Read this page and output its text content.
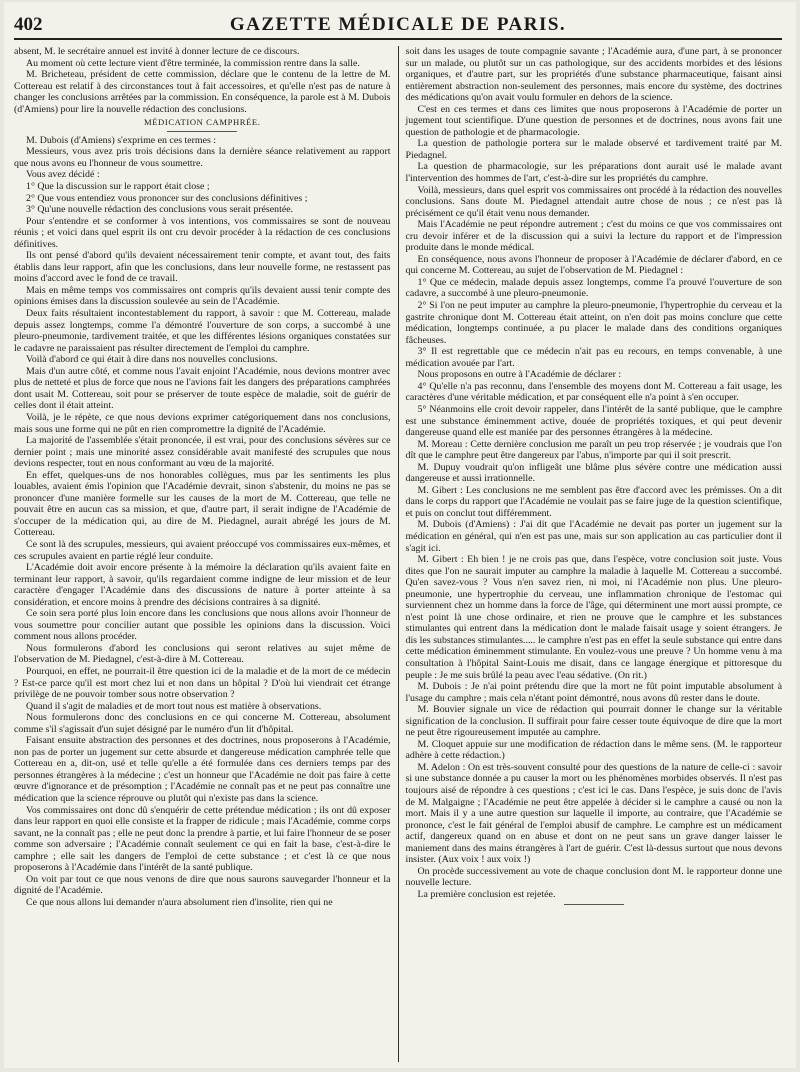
402	GAZETTE MÉDICALE DE PARIS.

absent, M. le secrétaire annuel est invité à donner lecture de ce discours.

Au moment où cette lecture vient d'être terminée, la commission rentre dans la salle.

M. Bricheteau, président de cette commission, déclare que le contenu de la lettre de M. Cottereau est relatif à des circonstances tout à fait accessoires, et qu'elle n'est pas de nature à changer les conclusions arrêtées par la commission. En conséquence, la parole est à M. Dubois (d'Amiens) pour lire la nouvelle rédaction des conclusions.

MÉDICATION CAMPHRÉE.

M. Dubois (d'Amiens) s'exprime en ces termes :

Messieurs, vous avez pris trois décisions dans la dernière séance relativement au rapport que nous avons eu l'honneur de vous soumettre.

Vous avez décidé :

1° Que la discussion sur le rapport était close ;

2° Que vous entendiez vous prononcer sur des conclusions définitives ;

3° Qu'une nouvelle rédaction des conclusions vous serait présentée.

Pour s'entendre et se conformer à vos intentions, vos commissaires se sont de nouveau réunis ; et voici dans quel esprit ils ont cru devoir procéder à la rédaction de ces conclusions définitives.

Ils ont pensé d'abord qu'ils devaient nécessairement tenir compte, et avant tout, des faits établis dans leur rapport, afin que les conclusions, dans leur nouvelle forme, ne restassent pas moins d'accord avec le fond de ce travail.

Mais en même temps vos commissaires ont compris qu'ils devaient aussi tenir compte des opinions émises dans la discussion soulevée au sein de l'Académie.

Deux faits résultaient incontestablement du rapport, à savoir : que M. Cottereau, malade depuis assez longtemps, comme l'a démontré l'ouverture de son corps, a succombé à une pleuro-pneumonie, tardivement traitée, et que les différentes lésions organiques constatées sur le cadavre ne paraissaient pas résulter directement de l'emploi du camphre.

Voilà d'abord ce qui était à dire dans nos nouvelles conclusions.

Mais d'un autre côté, et comme nous l'avait enjoint l'Académie, nous devions montrer avec plus de netteté et plus de force que nous ne l'avions fait les dangers des préparations camphrées dont usait M. Cottereau, soit pour se préserver de toute espèce de maladie, soit de guérir de celles dont il était atteint.

Voilà, je le répète, ce que nous devions exprimer catégoriquement dans nos conclusions, mais sous une forme qui ne pût en rien compromettre la dignité de l'Académie.

La majorité de l'assemblée s'était prononcée, il est vrai, pour des conclusions sévères sur ce dernier point ; mais une minorité assez considérable avait manifesté des scrupules que nous devions respecter, tout en nous conformant au vœu de la majorité.

En effet, quelques-uns de nos honorables collègues, mus par les sentiments les plus louables, avaient émis l'opinion que l'Académie devrait, sinon s'abstenir, du moins ne pas se prononcer d'une manière formelle sur les causes de la mort de M. Cottereau, que telle ne pouvait être en aucun cas sa mission, et que, d'autre part, il serait indigne de l'Académie de s'occuper de la médication qui, au dire de M. Piedagnel, aurait abrégé les jours de M. Cottereau.

Ce sont là des scrupules, messieurs, qui avaient préoccupé vos commissaires eux-mêmes, et ces scrupules avaient en partie réglé leur conduite.

L'Académie doit avoir encore présente à la mémoire la déclaration qu'ils avaient faite en terminant leur rapport, à savoir, qu'ils regardaient comme indigne de leur mission et de leur caractère d'engager l'Académie dans des discussions de nature à porter atteinte à sa considération, et encore moins à prendre des décisions contraires à sa dignité.

Ce soin sera porté plus loin encore dans les conclusions que nous allons avoir l'honneur de vous soumettre pour concilier autant que possible les opinions dans la discussion. Voici comment nous allons procéder.

Nous formulerons d'abord les conclusions qui seront relatives au sujet même de l'observation de M. Piedagnel, c'est-à-dire à M. Cottereau.

Pourquoi, en effet, ne pourrait-il être question ici de la maladie et de la mort de ce médecin ? Est-ce parce qu'il est mort chez lui et non dans un hôpital ? D'où lui viendrait cet étrange privilège de ne pouvoir tomber sous notre observation ?

Quand il s'agit de maladies et de mort tout nous est matière à observations.

Nous formulerons donc des conclusions en ce qui concerne M. Cottereau, absolument comme s'il s'agissait d'un sujet désigné par le numéro d'un lit d'hôpital.

Faisant ensuite abstraction des personnes et des doctrines, nous proposerons à l'Académie, non pas de porter un jugement sur cette absurde et dangereuse médication camphrée telle que Cottereau en a, dit-on, usé et telle qu'elle a été formulée dans ces derniers temps par des personnes étrangères à la médecine ; c'est un honneur que l'Académie ne doit pas faire à cette œuvre d'ignorance et de présomption ; l'Académie ne connaît pas et ne peut pas connaître une médication que la science réprouve ou plutôt qui n'existe pas dans la science.

Vos commissaires ont donc dû s'enquérir de cette prétendue médication ; ils ont dû exposer dans leur rapport en quoi elle consiste et la frapper de ridicule ; mais l'Académie, comme corps savant, ne la connaît pas ; elle ne peut donc la prendre à partie, et lui faire l'honneur de se poser comme son adversaire ; l'Académie connaît seulement ce qui en fait la base, c'est-à-dire le camphre ; elle sait les dangers de l'emploi de cette substance ; et c'est là ce que nous proposerons à l'Académie dans l'intérêt de la santé publique.

On voit par tout ce que nous venons de dire que nous saurons sauvegarder l'honneur et la dignité de l'Académie.

Ce que nous allons lui demander n'aura absolument rien d'insolite, rien qui ne

soit dans les usages de toute compagnie savante ; l'Académie aura, d'une part, à se prononcer sur un malade, ou plutôt sur un cas pathologique, sur des accidents morbides et des lésions organiques, et d'autre part, sur les propriétés d'une substance pharmaceutique, faisant ainsi entièrement abstraction non-seulement des personnes, mais encore du système, des doctrines des médications qu'on avait voulu formuler en dehors de la science.

C'est en ces termes et dans ces limites que nous proposerons à l'Académie de porter un jugement tout scientifique. D'une question de personnes et de doctrines, nous avons fait une question de pathologie et de pharmacologie.

La question de pathologie portera sur le malade observé et tardivement traité par M. Piedagnel.

La question de pharmacologie, sur les préparations dont aurait usé le malade avant l'intervention des hommes de l'art, c'est-à-dire sur les propriétés du camphre.

Voilà, messieurs, dans quel esprit vos commissaires ont procédé à la rédaction des nouvelles conclusions. Sans doute M. Piedagnel attendait autre chose de nous ; ce n'est pas là précisément ce qu'il était venu nous demander.

Mais l'Académie ne peut répondre autrement ; c'est du moins ce que vos commissaires ont cru devoir inférer et de la discussion qui a suivi la lecture du rapport et de l'impression produite dans le monde médical.

En conséquence, nous avons l'honneur de proposer à l'Académie de déclarer d'abord, en ce qui concerne M. Cottereau, au sujet de l'observation de M. Piedagnel :

1° Que ce médecin, malade depuis assez longtemps, comme l'a prouvé l'ouverture de son cadavre, a succombé à une pleuro-pneumonie.

2° Si l'on ne peut imputer au camphre la pleuro-pneumonie, l'hypertrophie du cerveau et la gastrite chronique dont M. Cottereau était atteint, on n'en doit pas moins conclure que cette médication, longtemps continuée, a pu placer le malade dans des conditions organiques fâcheuses.

3° Il est regrettable que ce médecin n'ait pas eu recours, en temps convenable, à une médication avouée par l'art.

Nous proposons en outre à l'Académie de déclarer :

4° Qu'elle n'a pas reconnu, dans l'ensemble des moyens dont M. Cottereau a fait usage, les caractères d'une véritable médication, et par conséquent elle n'a point à s'en occuper.

5° Néanmoins elle croit devoir rappeler, dans l'intérêt de la santé publique, que le camphre est une substance éminemment active, douée de propriétés toxiques, et qui peut devenir dangereuse quand elle est maniée par des personnes étrangères à la médecine.

M. Moreau : Cette dernière conclusion me paraît un peu trop réservée ; je voudrais que l'on dît que le camphre peut être dangereux par l'abus, n'importe par qui il soit prescrit.

M. Dupuy voudrait qu'on infligeât une blâme plus sévère contre une médication aussi dangereuse et aussi irrationnelle.

M. Gibert : Les conclusions ne me semblent pas être d'accord avec les prémisses. On a dit dans le corps du rapport que l'Académie ne voulait pas se faire juge de la question scientifique, et puis on conclut tout différemment.

M. Dubois (d'Amiens) : J'ai dit que l'Académie ne devait pas porter un jugement sur la médication en général, qui n'en est pas une, mais sur son application au cas particulier dont il s'agit ici.

M. Gibert : Eh bien ! je ne crois pas que, dans l'espèce, votre conclusion soit juste. Vous dites que l'on ne saurait imputer au camphre la maladie à laquelle M. Cottereau a succombé. Qu'en savez-vous ? Vous n'en savez rien, ni moi, ni l'Académie non plus. Une pleuro-pneumonie, une hypertrophie du cerveau, une inflammation chronique de l'estomac qui surviennent chez un homme dans la force de l'âge, qui déterminent une mort aussi prompte, ce n'est point là une chose ordinaire, et rien ne prouve que le camphre et les substances stimulantes qui entrent dans la médication dont le malade faisait usage y soient étrangers. Je dis les substances stimulantes..... le camphre n'est pas en effet la seule substance qui entre dans cette médication éminemment stimulante. En voulez-vous une preuve ? Un homme venu à ma consultation à l'hôpital Saint-Louis me disait, dans ce langage énergique et pittoresque du peuple : Je me suis brûlé la peau avec l'eau sédative. (On rit.)

M. Dubois : Je n'ai point prétendu dire que la mort ne fût point imputable absolument à l'usage du camphre ; mais cela n'étant point démontré, nous avons dû rester dans le doute.

M. Bouvier signale un vice de rédaction qui pourrait donner le change sur la véritable signification de la conclusion. Il suffirait pour faire cesser toute équivoque de dire que la mort ne peut être rigoureusement imputée au camphre.

M. Cloquet appuie sur une modification de rédaction dans le même sens. (M. le rapporteur adhère à cette rédaction.)

M. Adelon : On est très-souvent consulté pour des questions de la nature de celle-ci : savoir si une substance donnée a pu causer la mort ou les phénomènes morbides observés. Il n'est pas toujours aisé de répondre à ces questions ; c'est ici le cas. Dans l'espèce, je suis donc de l'avis de M. Malgaigne ; l'Académie ne peut être appelée à décider si le camphre a causé ou non la mort. Mais il y a une autre question sur laquelle il importe, au contraire, que l'Académie se prononce, c'est le fait général de l'emploi abusif de camphre. Le camphre est un médicament actif, dangereux quand on en abuse et dont on ne peut sans un grave danger laisser le maniement dans des mains étrangères à l'art de guérir. C'est là-dessus surtout que nous devons insister. (Aux voix ! aux voix !)

On procède successivement au vote de chaque conclusion dont M. le rapporteur donne une nouvelle lecture.

La première conclusion est rejetée.
